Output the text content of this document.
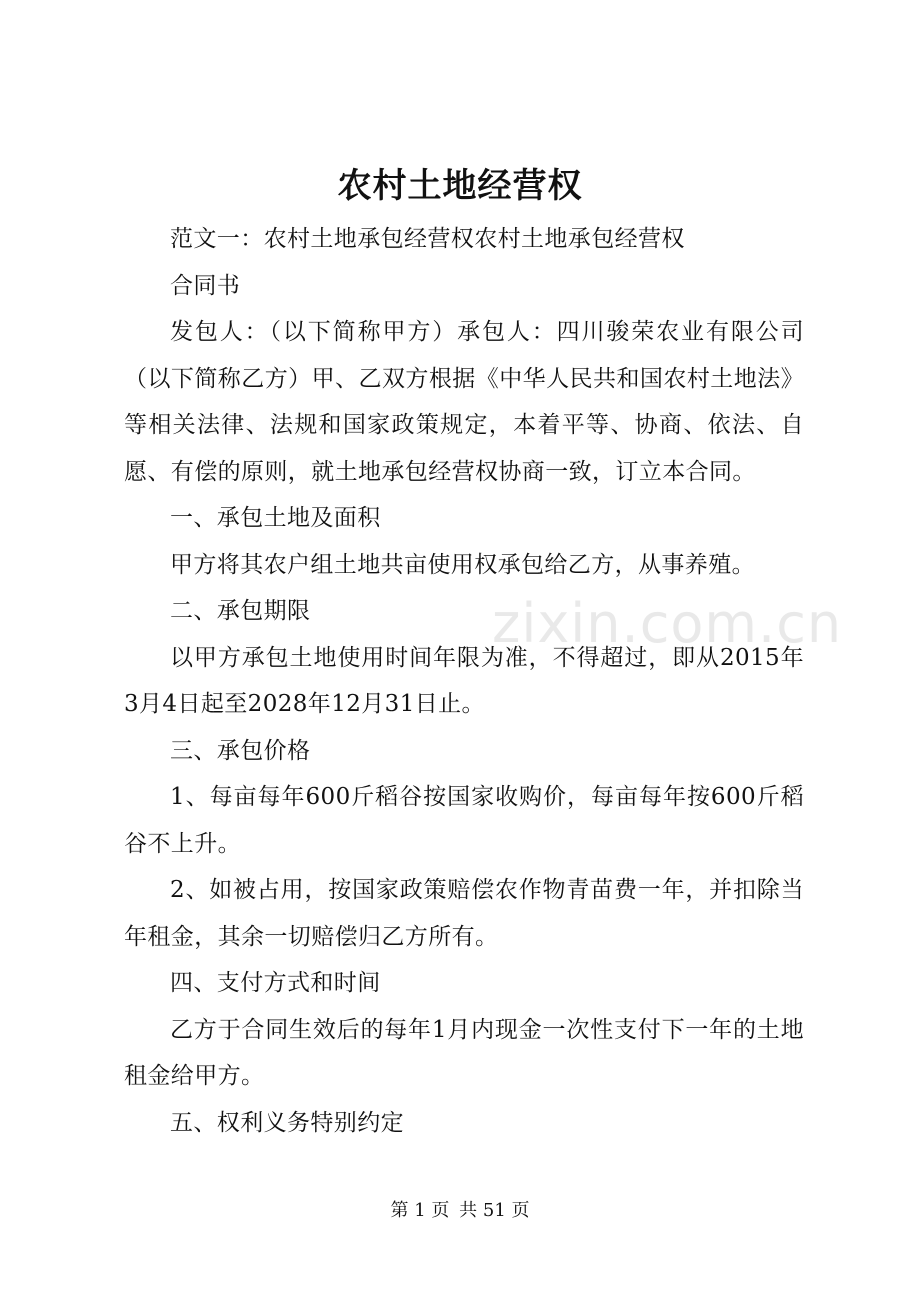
zixin.com.cn
农村土地经营权

范文一：农村土地承包经营权农村土地承包经营权

合同书

发包人：（以下简称甲方）承包人：四川骏荣农业有限公司（以下简称乙方）甲、乙双方根据《中华人民共和国农村土地法》等相关法律、法规和国家政策规定，本着平等、协商、依法、自愿、有偿的原则，就土地承包经营权协商一致，订立本合同。

一、承包土地及面积

甲方将其农户组土地共亩使用权承包给乙方，从事养殖。

二、承包期限

以甲方承包土地使用时间年限为准，不得超过，即从2015年3月4日起至2028年12月31日止。

三、承包价格

1、每亩每年600斤稻谷按国家收购价，每亩每年按600斤稻谷不上升。

2、如被占用，按国家政策赔偿农作物青苗费一年，并扣除当年租金，其余一切赔偿归乙方所有。

四、支付方式和时间

乙方于合同生效后的每年1月内现金一次性支付下一年的土地租金给甲方。

五、权利义务特别约定

第 1 页 共 51 页
